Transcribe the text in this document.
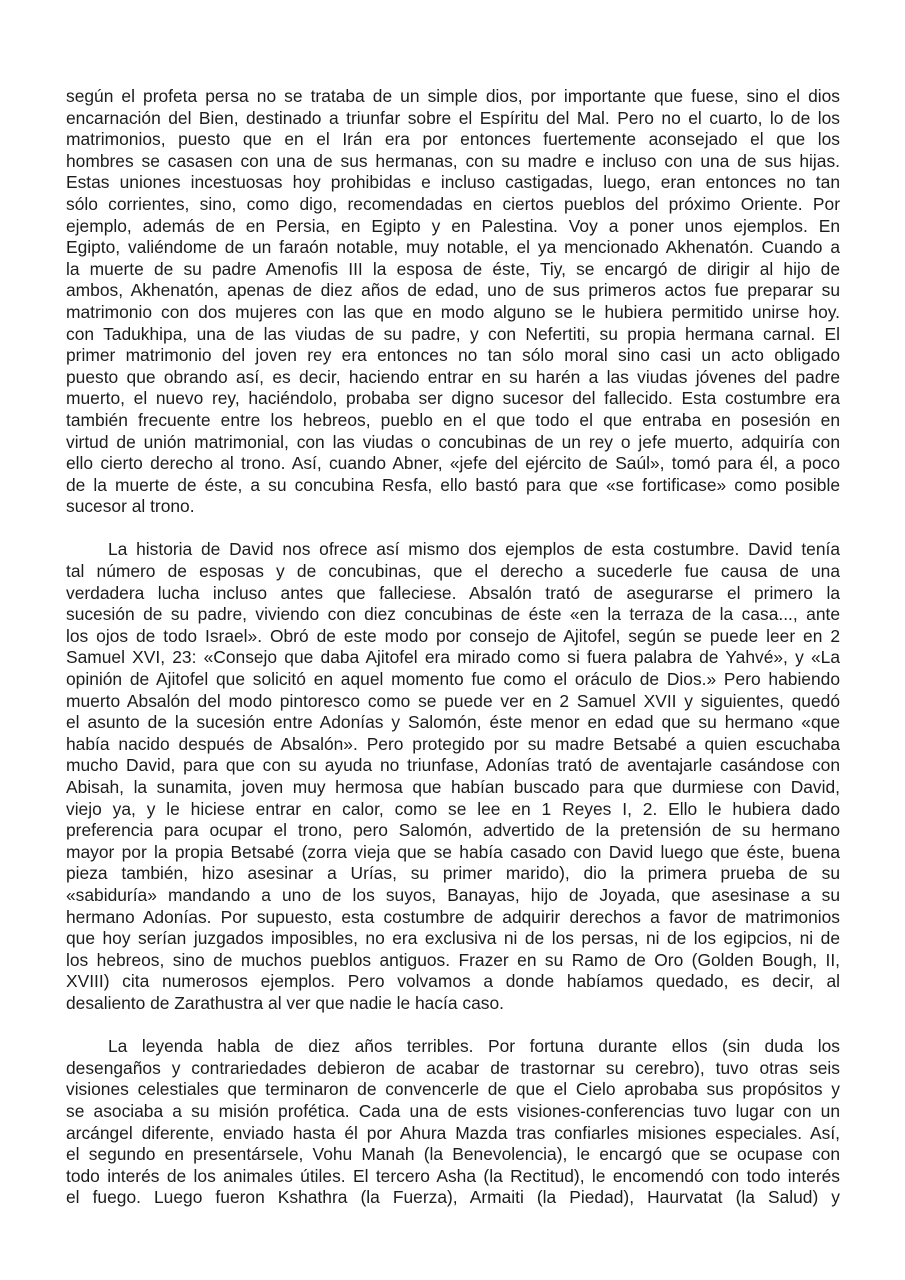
según el profeta persa no se trataba de un simple dios, por importante que fuese, sino el dios
encarnación del Bien, destinado a triunfar sobre el Espíritu del Mal. Pero no el cuarto, lo de los
matrimonios, puesto que en el Irán era por entonces fuertemente aconsejado el que los
hombres se casasen con una de sus hermanas, con su madre e incluso con una de sus hijas.
Estas uniones incestuosas hoy prohibidas e incluso castigadas, luego, eran entonces no tan
sólo corrientes, sino, como digo, recomendadas en ciertos pueblos del próximo Oriente. Por
ejemplo, además de en Persia, en Egipto y en Palestina. Voy a poner unos ejemplos. En
Egipto, valiéndome de un faraón notable, muy notable, el ya mencionado Akhenatón. Cuando a
la muerte de su padre Amenofis III la esposa de éste, Tiy, se encargó de dirigir al hijo de
ambos, Akhenatón, apenas de diez años de edad, uno de sus primeros actos fue preparar su
matrimonio con dos mujeres con las que en modo alguno se le hubiera permitido unirse hoy.
con Tadukhipa, una de las viudas de su padre, y con Nefertiti, su propia hermana carnal. El
primer matrimonio del joven rey era entonces no tan sólo moral sino casi un acto obligado
puesto que obrando así, es decir, haciendo entrar en su harén a las viudas jóvenes del padre
muerto, el nuevo rey, haciéndolo, probaba ser digno sucesor del fallecido. Esta costumbre era
también frecuente entre los hebreos, pueblo en el que todo el que entraba en posesión en
virtud de unión matrimonial, con las viudas o concubinas de un rey o jefe muerto, adquiría con
ello cierto derecho al trono. Así, cuando Abner, «jefe del ejército de Saúl», tomó para él, a poco
de la muerte de éste, a su concubina Resfa, ello bastó para que «se fortificase» como posible
sucesor al trono.
La historia de David nos ofrece así mismo dos ejemplos de esta costumbre. David tenía
tal número de esposas y de concubinas, que el derecho a sucederle fue causa de una
verdadera lucha incluso antes que falleciese. Absalón trató de asegurarse el primero la
sucesión de su padre, viviendo con diez concubinas de éste «en la terraza de la casa..., ante
los ojos de todo Israel». Obró de este modo por consejo de Ajitofel, según se puede leer en 2
Samuel XVI, 23: «Consejo que daba Ajitofel era mirado como si fuera palabra de Yahvé», y «La
opinión de Ajitofel que solicitó en aquel momento fue como el oráculo de Dios.» Pero habiendo
muerto Absalón del modo pintoresco como se puede ver en 2 Samuel XVII y siguientes, quedó
el asunto de la sucesión entre Adonías y Salomón, éste menor en edad que su hermano «que
había nacido después de Absalón». Pero protegido por su madre Betsabé a quien escuchaba
mucho David, para que con su ayuda no triunfase, Adonías trató de aventajarle casándose con
Abisah, la sunamita, joven muy hermosa que habían buscado para que durmiese con David,
viejo ya, y le hiciese entrar en calor, como se lee en 1 Reyes I, 2. Ello le hubiera dado
preferencia para ocupar el trono, pero Salomón, advertido de la pretensión de su hermano
mayor por la propia Betsabé (zorra vieja que se había casado con David luego que éste, buena
pieza también, hizo asesinar a Urías, su primer marido), dio la primera prueba de su
«sabiduría» mandando a uno de los suyos, Banayas, hijo de Joyada, que asesinase a su
hermano Adonías. Por supuesto, esta costumbre de adquirir derechos a favor de matrimonios
que hoy serían juzgados imposibles, no era exclusiva ni de los persas, ni de los egipcios, ni de
los hebreos, sino de muchos pueblos antiguos. Frazer en su Ramo de Oro (Golden Bough, II,
XVIII) cita numerosos ejemplos. Pero volvamos a donde habíamos quedado, es decir, al
desaliento de Zarathustra al ver que nadie le hacía caso.
La leyenda habla de diez años terribles. Por fortuna durante ellos (sin duda los
desengaños y contrariedades debieron de acabar de trastornar su cerebro), tuvo otras seis
visiones celestiales que terminaron de convencerle de que el Cielo aprobaba sus propósitos y
se asociaba a su misión profética. Cada una de ests visiones-conferencias tuvo lugar con un
arcángel diferente, enviado hasta él por Ahura Mazda tras confiarles misiones especiales. Así,
el segundo en presentársele, Vohu Manah (la Benevolencia), le encargó que se ocupase con
todo interés de los animales útiles. El tercero Asha (la Rectitud), le encomendó con todo interés
el fuego. Luego fueron Kshathra (la Fuerza), Armaiti (la Piedad), Haurvatat (la Salud) y
